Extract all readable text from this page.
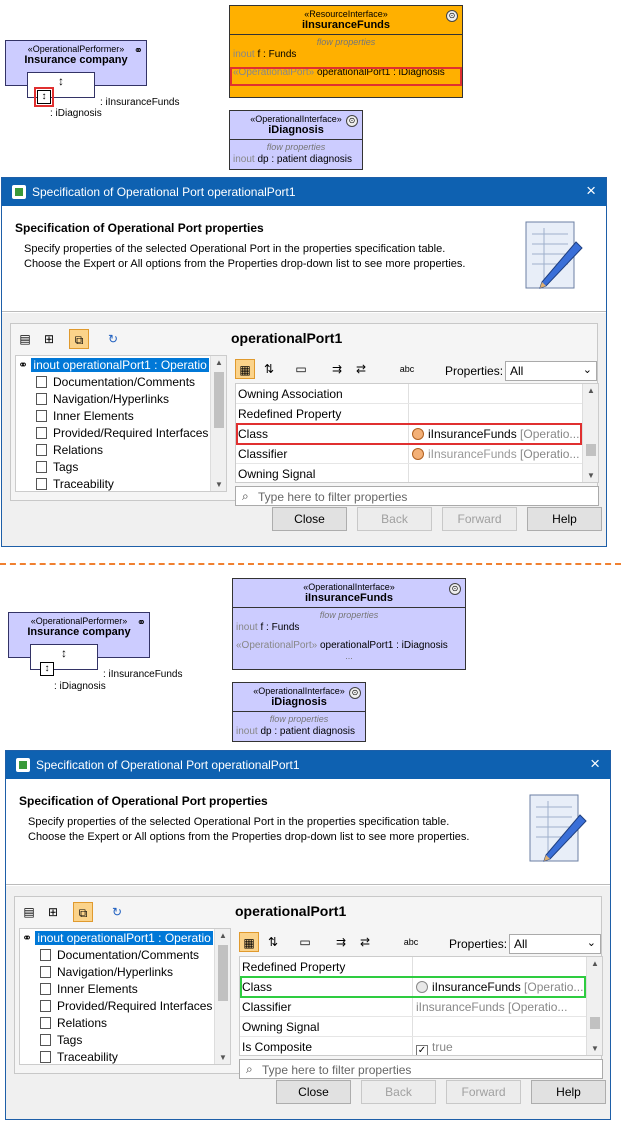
«OperationalPerformer»
Insurance company
⚭
↕
↕
: iInsuranceFunds
: iDiagnosis
⊙
«ResourceInterface»
iInsuranceFunds
flow properties
inout f : Funds
«OperationalPort» operationalPort1 : iDiagnosis
...
⊙
«OperationalInterface»
iDiagnosis
flow properties
inout dp : patient diagnosis
Specification of Operational Port operationalPort1	×
Specification of Operational Port properties
Specify properties of the selected Operational Port in the properties specification table. Choose the Expert or All options from the Properties drop-down list to see more properties.
▤	⊞	⧉	↻
⚭ inout operationalPort1 : Operatio
Documentation/Comments
Navigation/Hyperlinks
Inner Elements
Provided/Required Interfaces
Relations
Tags
Traceability
▲
▼
operationalPort1
▦	⇅	▭	⇉	⇄	abc	Properties: All	⌄
Owning Association
Redefined Property
Class	iInsuranceFunds [Operatio...
Classifier	iInsuranceFunds [Operatio...
Owning Signal
▲
▼
⌕ Type here to filter properties
Close	Back	Forward	Help
«OperationalPerformer»
Insurance company
⚭
↕
↕
: iInsuranceFunds
: iDiagnosis
⊙
«OperationalInterface»
iInsuranceFunds
flow properties
inout f : Funds
«OperationalPort» operationalPort1 : iDiagnosis
...
⊙
«OperationalInterface»
iDiagnosis
flow properties
inout dp : patient diagnosis
Specification of Operational Port operationalPort1	×
Specification of Operational Port properties
Specify properties of the selected Operational Port in the properties specification table. Choose the Expert or All options from the Properties drop-down list to see more properties.
▤	⊞	⧉	↻
⚭ inout operationalPort1 : Operatio
Documentation/Comments
Navigation/Hyperlinks
Inner Elements
Provided/Required Interfaces
Relations
Tags
Traceability
▲
▼
operationalPort1
▦	⇅	▭	⇉	⇄	abc	Properties: All	⌄
Redefined Property
Class	iInsuranceFunds [Operatio...
Classifier	iInsuranceFunds [Operatio...
Owning Signal
Is Composite	✓ true
▲
▼
⌕ Type here to filter properties
Close	Back	Forward	Help
